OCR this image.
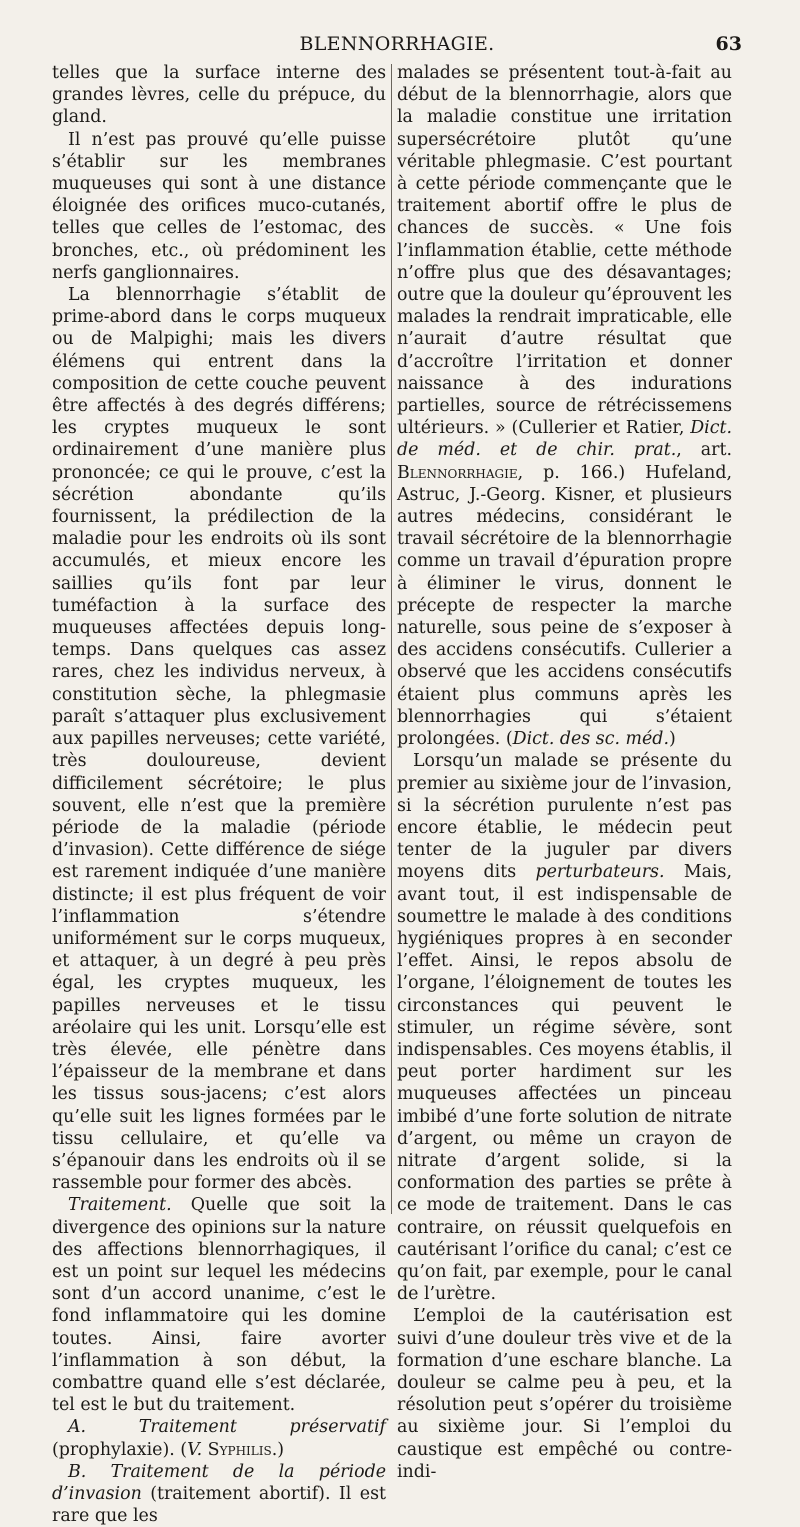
BLENNORRHAGIE.	63

telles que la surface interne des grandes lèvres, celle du prépuce, du gland.

Il n’est pas prouvé qu’elle puisse s’établir sur les membranes muqueuses qui sont à une distance éloignée des orifices muco-cutanés, telles que celles de l’estomac, des bronches, etc., où prédominent les nerfs ganglionnaires.

La blennorrhagie s’établit de prime-abord dans le corps muqueux ou de Malpighi; mais les divers élémens qui entrent dans la composition de cette couche peuvent être affectés à des degrés différens; les cryptes muqueux le sont ordinairement d’une manière plus prononcée; ce qui le prouve, c’est la sécrétion abondante qu’ils fournissent, la prédilection de la maladie pour les endroits où ils sont accumulés, et mieux encore les saillies qu’ils font par leur tuméfaction à la surface des muqueuses affectées depuis long-temps. Dans quelques cas assez rares, chez les individus nerveux, à constitution sèche, la phlegmasie paraît s’attaquer plus exclusivement aux papilles nerveuses; cette variété, très douloureuse, devient difficilement sécrétoire; le plus souvent, elle n’est que la première période de la maladie (période d’invasion). Cette différence de siége est rarement indiquée d’une manière distincte; il est plus fréquent de voir l’inflammation s’étendre uniformément sur le corps muqueux, et attaquer, à un degré à peu près égal, les cryptes muqueux, les papilles nerveuses et le tissu aréolaire qui les unit. Lorsqu’elle est très élevée, elle pénètre dans l’épaisseur de la membrane et dans les tissus sous-jacens; c’est alors qu’elle suit les lignes formées par le tissu cellulaire, et qu’elle va s’épanouir dans les endroits où il se rassemble pour former des abcès.

Traitement. Quelle que soit la divergence des opinions sur la nature des affections blennorrhagiques, il est un point sur lequel les médecins sont d’un accord unanime, c’est le fond inflammatoire qui les domine toutes. Ainsi, faire avorter l’inflammation à son début, la combattre quand elle s’est déclarée, tel est le but du traitement.

A. Traitement préservatif (prophylaxie). (V. Syphilis.)

B. Traitement de la période d’invasion (traitement abortif). Il est rare que les

malades se présentent tout-à-fait au début de la blennorrhagie, alors que la maladie constitue une irritation supersécrétoire plutôt qu’une véritable phlegmasie. C’est pourtant à cette période commençante que le traitement abortif offre le plus de chances de succès. « Une fois l’inflammation établie, cette méthode n’offre plus que des désavantages; outre que la douleur qu’éprouvent les malades la rendrait impraticable, elle n’aurait d’autre résultat que d’accroître l’irritation et donner naissance à des indurations partielles, source de rétrécissemens ultérieurs. » (Cullerier et Ratier, Dict. de méd. et de chir. prat., art. Blennorrhagie, p. 166.) Hufeland, Astruc, J.-Georg. Kisner, et plusieurs autres médecins, considérant le travail sécrétoire de la blennorrhagie comme un travail d’épuration propre à éliminer le virus, donnent le précepte de respecter la marche naturelle, sous peine de s’exposer à des accidens consécutifs. Cullerier a observé que les accidens consécutifs étaient plus communs après les blennorrhagies qui s’étaient prolongées. (Dict. des sc. méd.)

Lorsqu’un malade se présente du premier au sixième jour de l’invasion, si la sécrétion purulente n’est pas encore établie, le médecin peut tenter de la juguler par divers moyens dits perturbateurs. Mais, avant tout, il est indispensable de soumettre le malade à des conditions hygiéniques propres à en seconder l’effet. Ainsi, le repos absolu de l’organe, l’éloignement de toutes les circonstances qui peuvent le stimuler, un régime sévère, sont indispensables. Ces moyens établis, il peut porter hardiment sur les muqueuses affectées un pinceau imbibé d’une forte solution de nitrate d’argent, ou même un crayon de nitrate d’argent solide, si la conformation des parties se prête à ce mode de traitement. Dans le cas contraire, on réussit quelquefois en cautérisant l’orifice du canal; c’est ce qu’on fait, par exemple, pour le canal de l’urètre.

L’emploi de la cautérisation est suivi d’une douleur très vive et de la formation d’une eschare blanche. La douleur se calme peu à peu, et la résolution peut s’opérer du troisième au sixième jour. Si l’emploi du caustique est empêché ou contre-indi-
